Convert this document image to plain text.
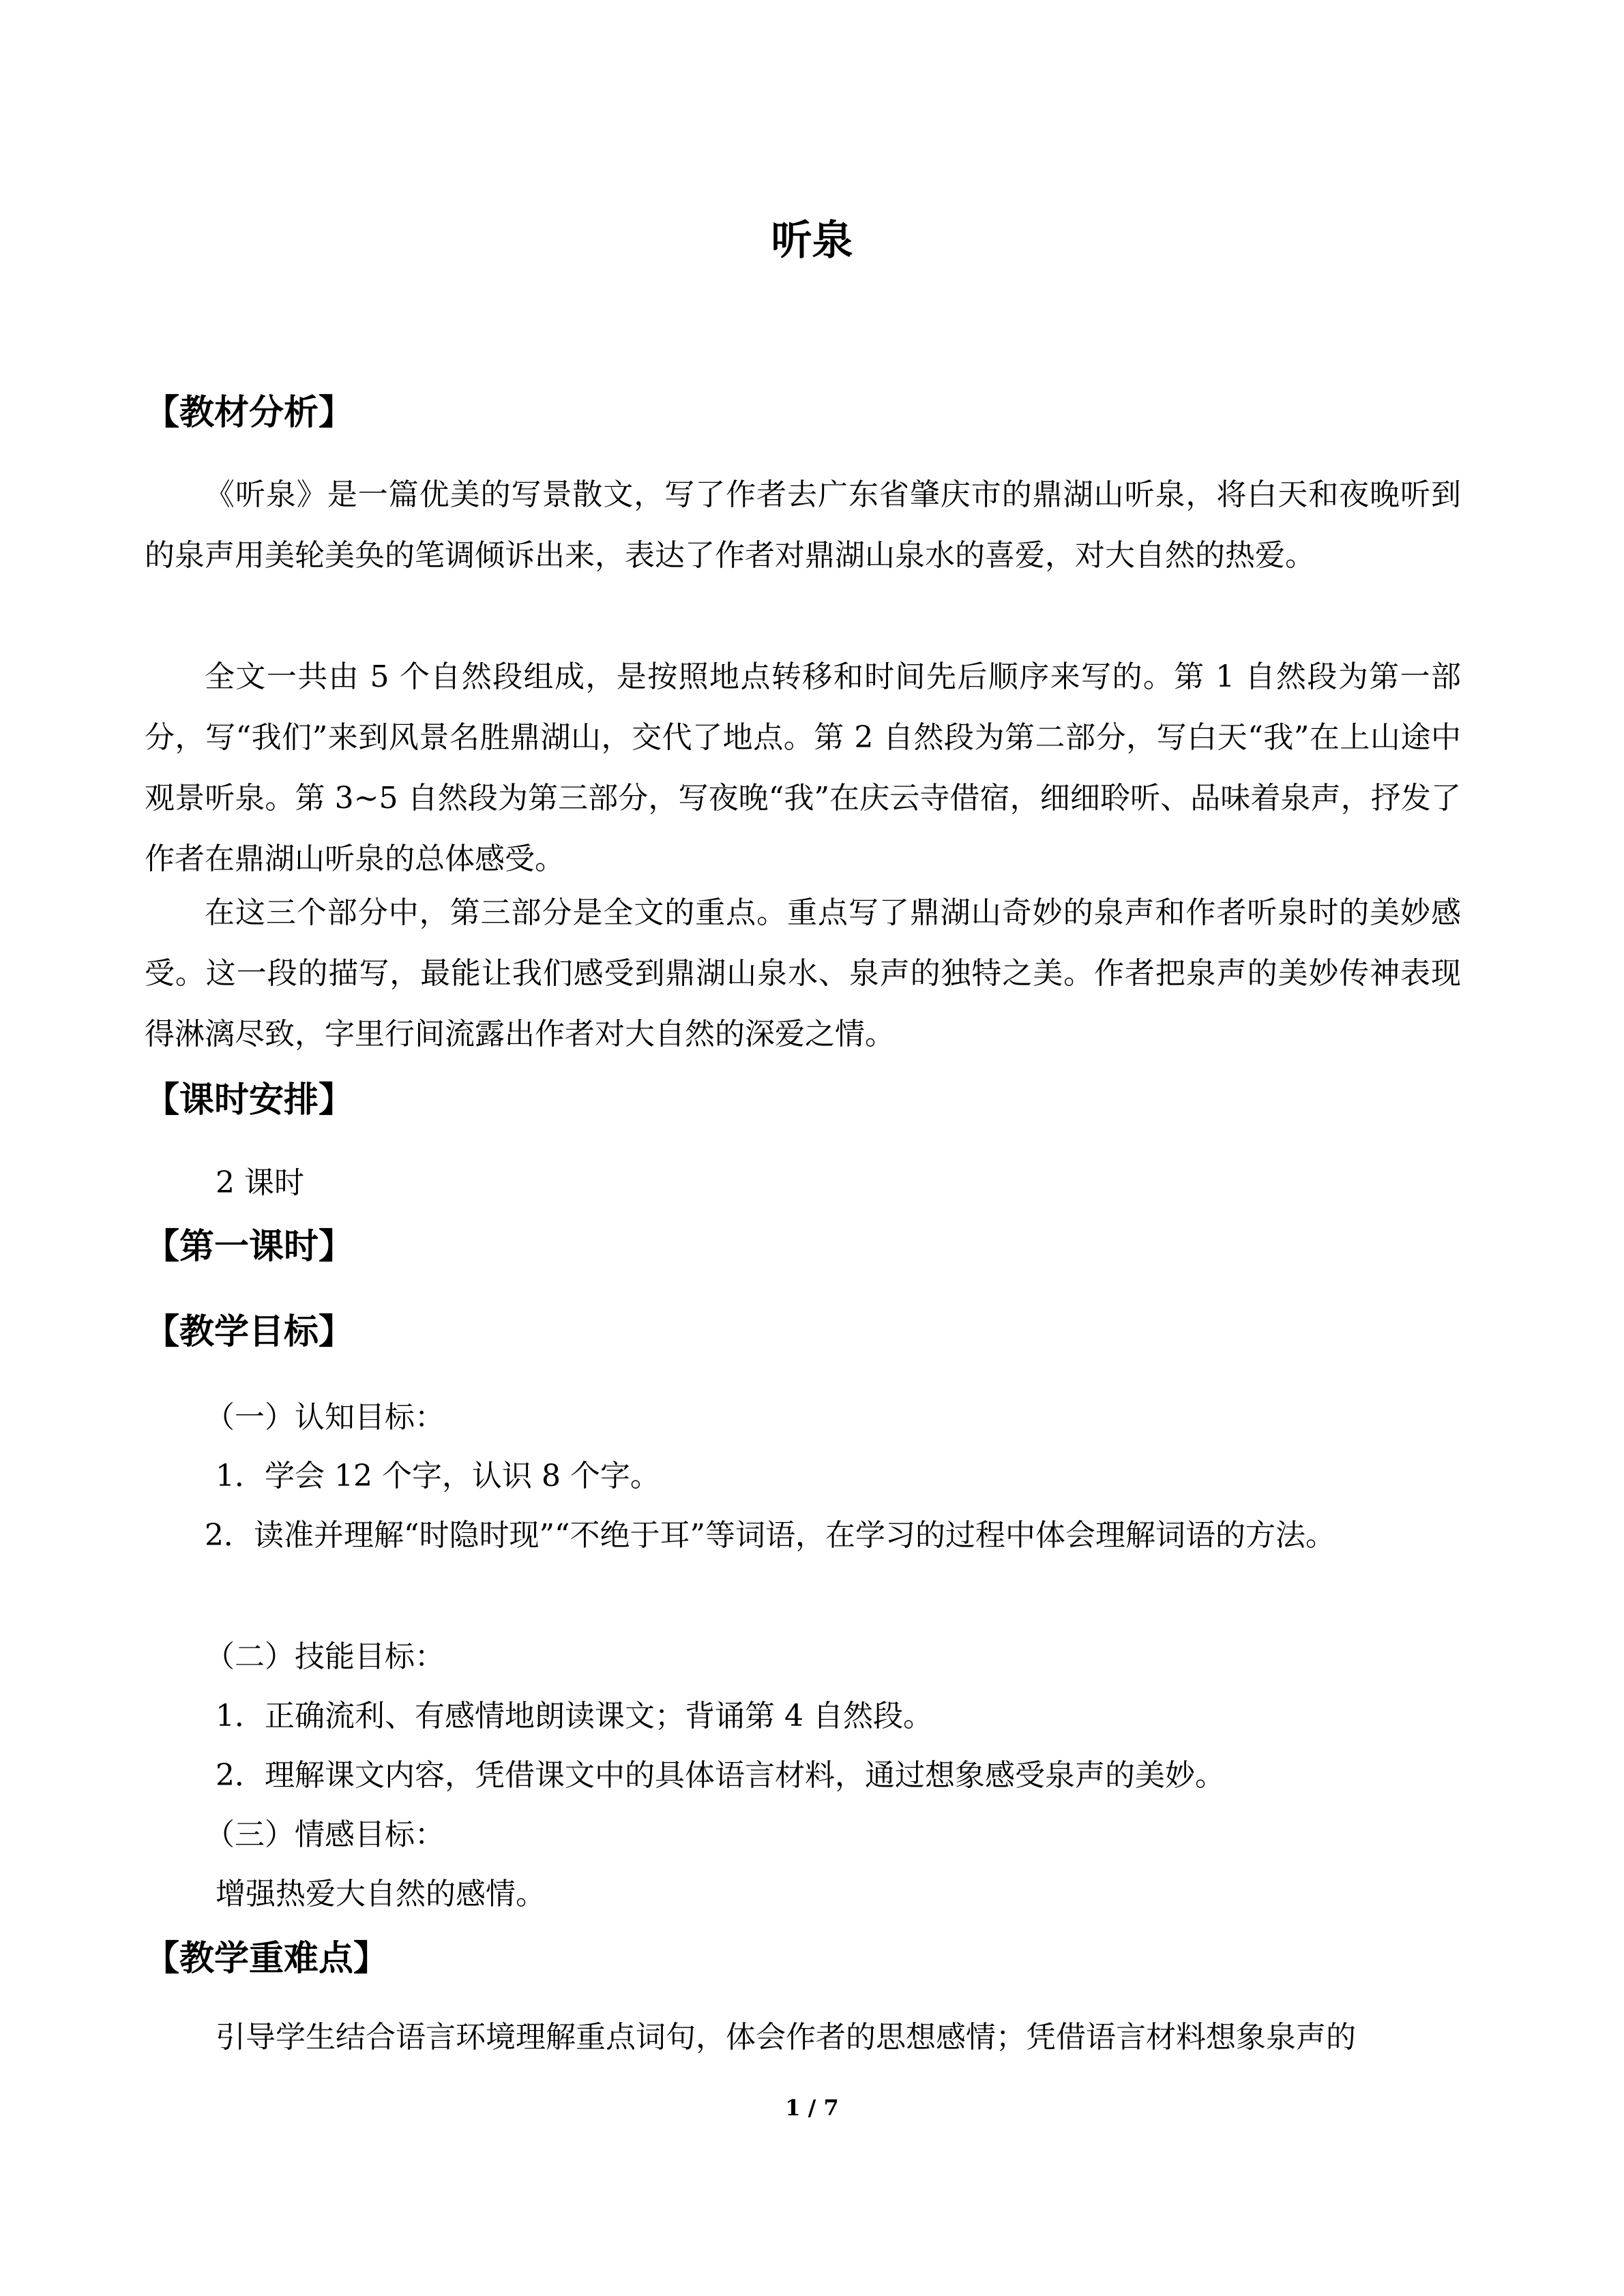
听泉
【教材分析】
《听泉》是一篇优美的写景散文，写了作者去广东省肇庆市的鼎湖山听泉，将白天和夜晚听到的泉声用美轮美奂的笔调倾诉出来，表达了作者对鼎湖山泉水的喜爱，对大自然的热爱。
全文一共由 5 个自然段组成，是按照地点转移和时间先后顺序来写的。第 1 自然段为第一部分，写“我们”来到风景名胜鼎湖山，交代了地点。第 2 自然段为第二部分，写白天“我”在上山途中观景听泉。第 3~5 自然段为第三部分，写夜晚“我”在庆云寺借宿，细细聆听、品味着泉声，抒发了作者在鼎湖山听泉的总体感受。
在这三个部分中，第三部分是全文的重点。重点写了鼎湖山奇妙的泉声和作者听泉时的美妙感受。这一段的描写，最能让我们感受到鼎湖山泉水、泉声的独特之美。作者把泉声的美妙传神表现得淋漓尽致，字里行间流露出作者对大自然的深爱之情。
【课时安排】
2 课时
【第一课时】
【教学目标】
（一）认知目标：
1．学会 12 个字，认识 8 个字。
2．读准并理解“时隐时现”“不绝于耳”等词语，在学习的过程中体会理解词语的方法。
（二）技能目标：
1．正确流利、有感情地朗读课文；背诵第 4 自然段。
2．理解课文内容，凭借课文中的具体语言材料，通过想象感受泉声的美妙。
（三）情感目标：
增强热爱大自然的感情。
【教学重难点】
引导学生结合语言环境理解重点词句，体会作者的思想感情；凭借语言材料想象泉声的
1 / 7
